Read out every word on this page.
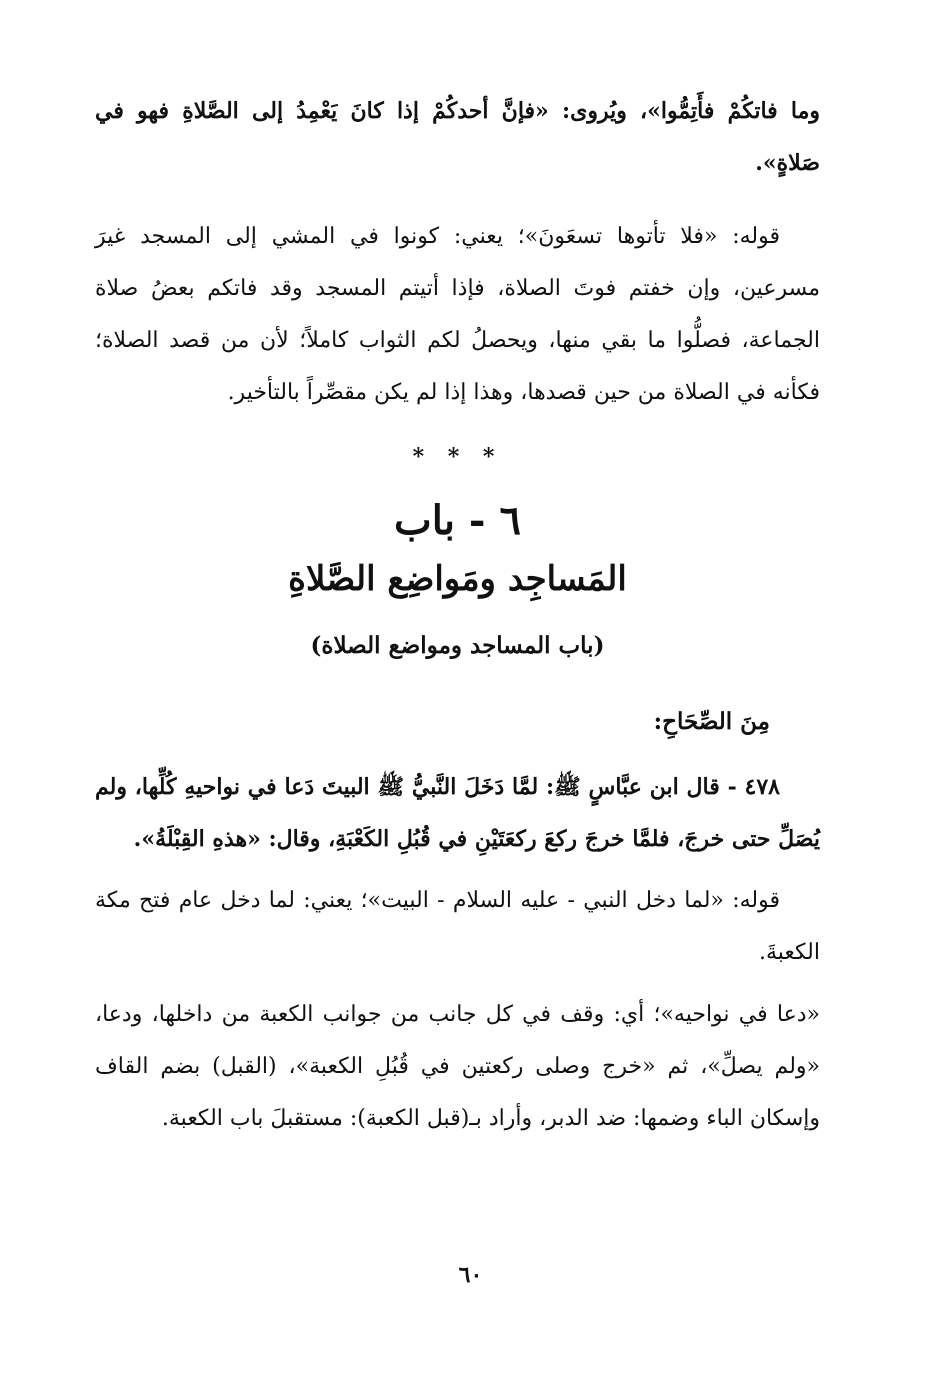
وما فاتكُمْ فأَتِمُّوا»، ويُروى: «فإنَّ أحدكُمْ إذا كانَ يَعْمِدُ إلى الصَّلاةِ فهو في صَلاةٍ».

قوله: «فلا تأتوها تسعَونَ»؛ يعني: كونوا في المشي إلى المسجد غيرَ مسرعين، وإن خفتم فوتَ الصلاة، فإذا أتيتم المسجد وقد فاتكم بعضُ صلاة الجماعة، فصلُّوا ما بقي منها، ويحصلُ لكم الثواب كاملاً؛ لأن من قصد الصلاة؛ فكأنه في الصلاة من حين قصدها، وهذا إذا لم يكن مقصِّراً بالتأخير.

* * *
٦ - باب
المَساجِد ومَواضِع الصَّلاةِ
(باب المساجد ومواضع الصلاة)
مِنَ الصِّحَاحِ:

٤٧٨ - قال ابن عبَّاسٍ ﷺ: لمَّا دَخَلَ النَّبيُّ ﷺ البيتَ دَعا في نواحيهِ كُلِّها، ولم يُصَلِّ حتى خرجَ، فلمَّا خرجَ ركعَ ركعَتَيْنِ في قُبُلِ الكَعْبَةِ، وقال: «هذهِ القِبْلَةُ».

قوله: «لما دخل النبي - عليه السلام - البيت»؛ يعني: لما دخل عام فتح مكة الكعبةَ.

«دعا في نواحيه»؛ أي: وقف في كل جانب من جوانب الكعبة من داخلها، ودعا، «ولم يصلِّ»، ثم «خرج وصلى ركعتين في قُبُلِ الكعبة»، (القبل) بضم القاف وإسكان الباء وضمها: ضد الدبر، وأراد بـ(قبل الكعبة): مستقبلَ باب الكعبة.

٦٠
